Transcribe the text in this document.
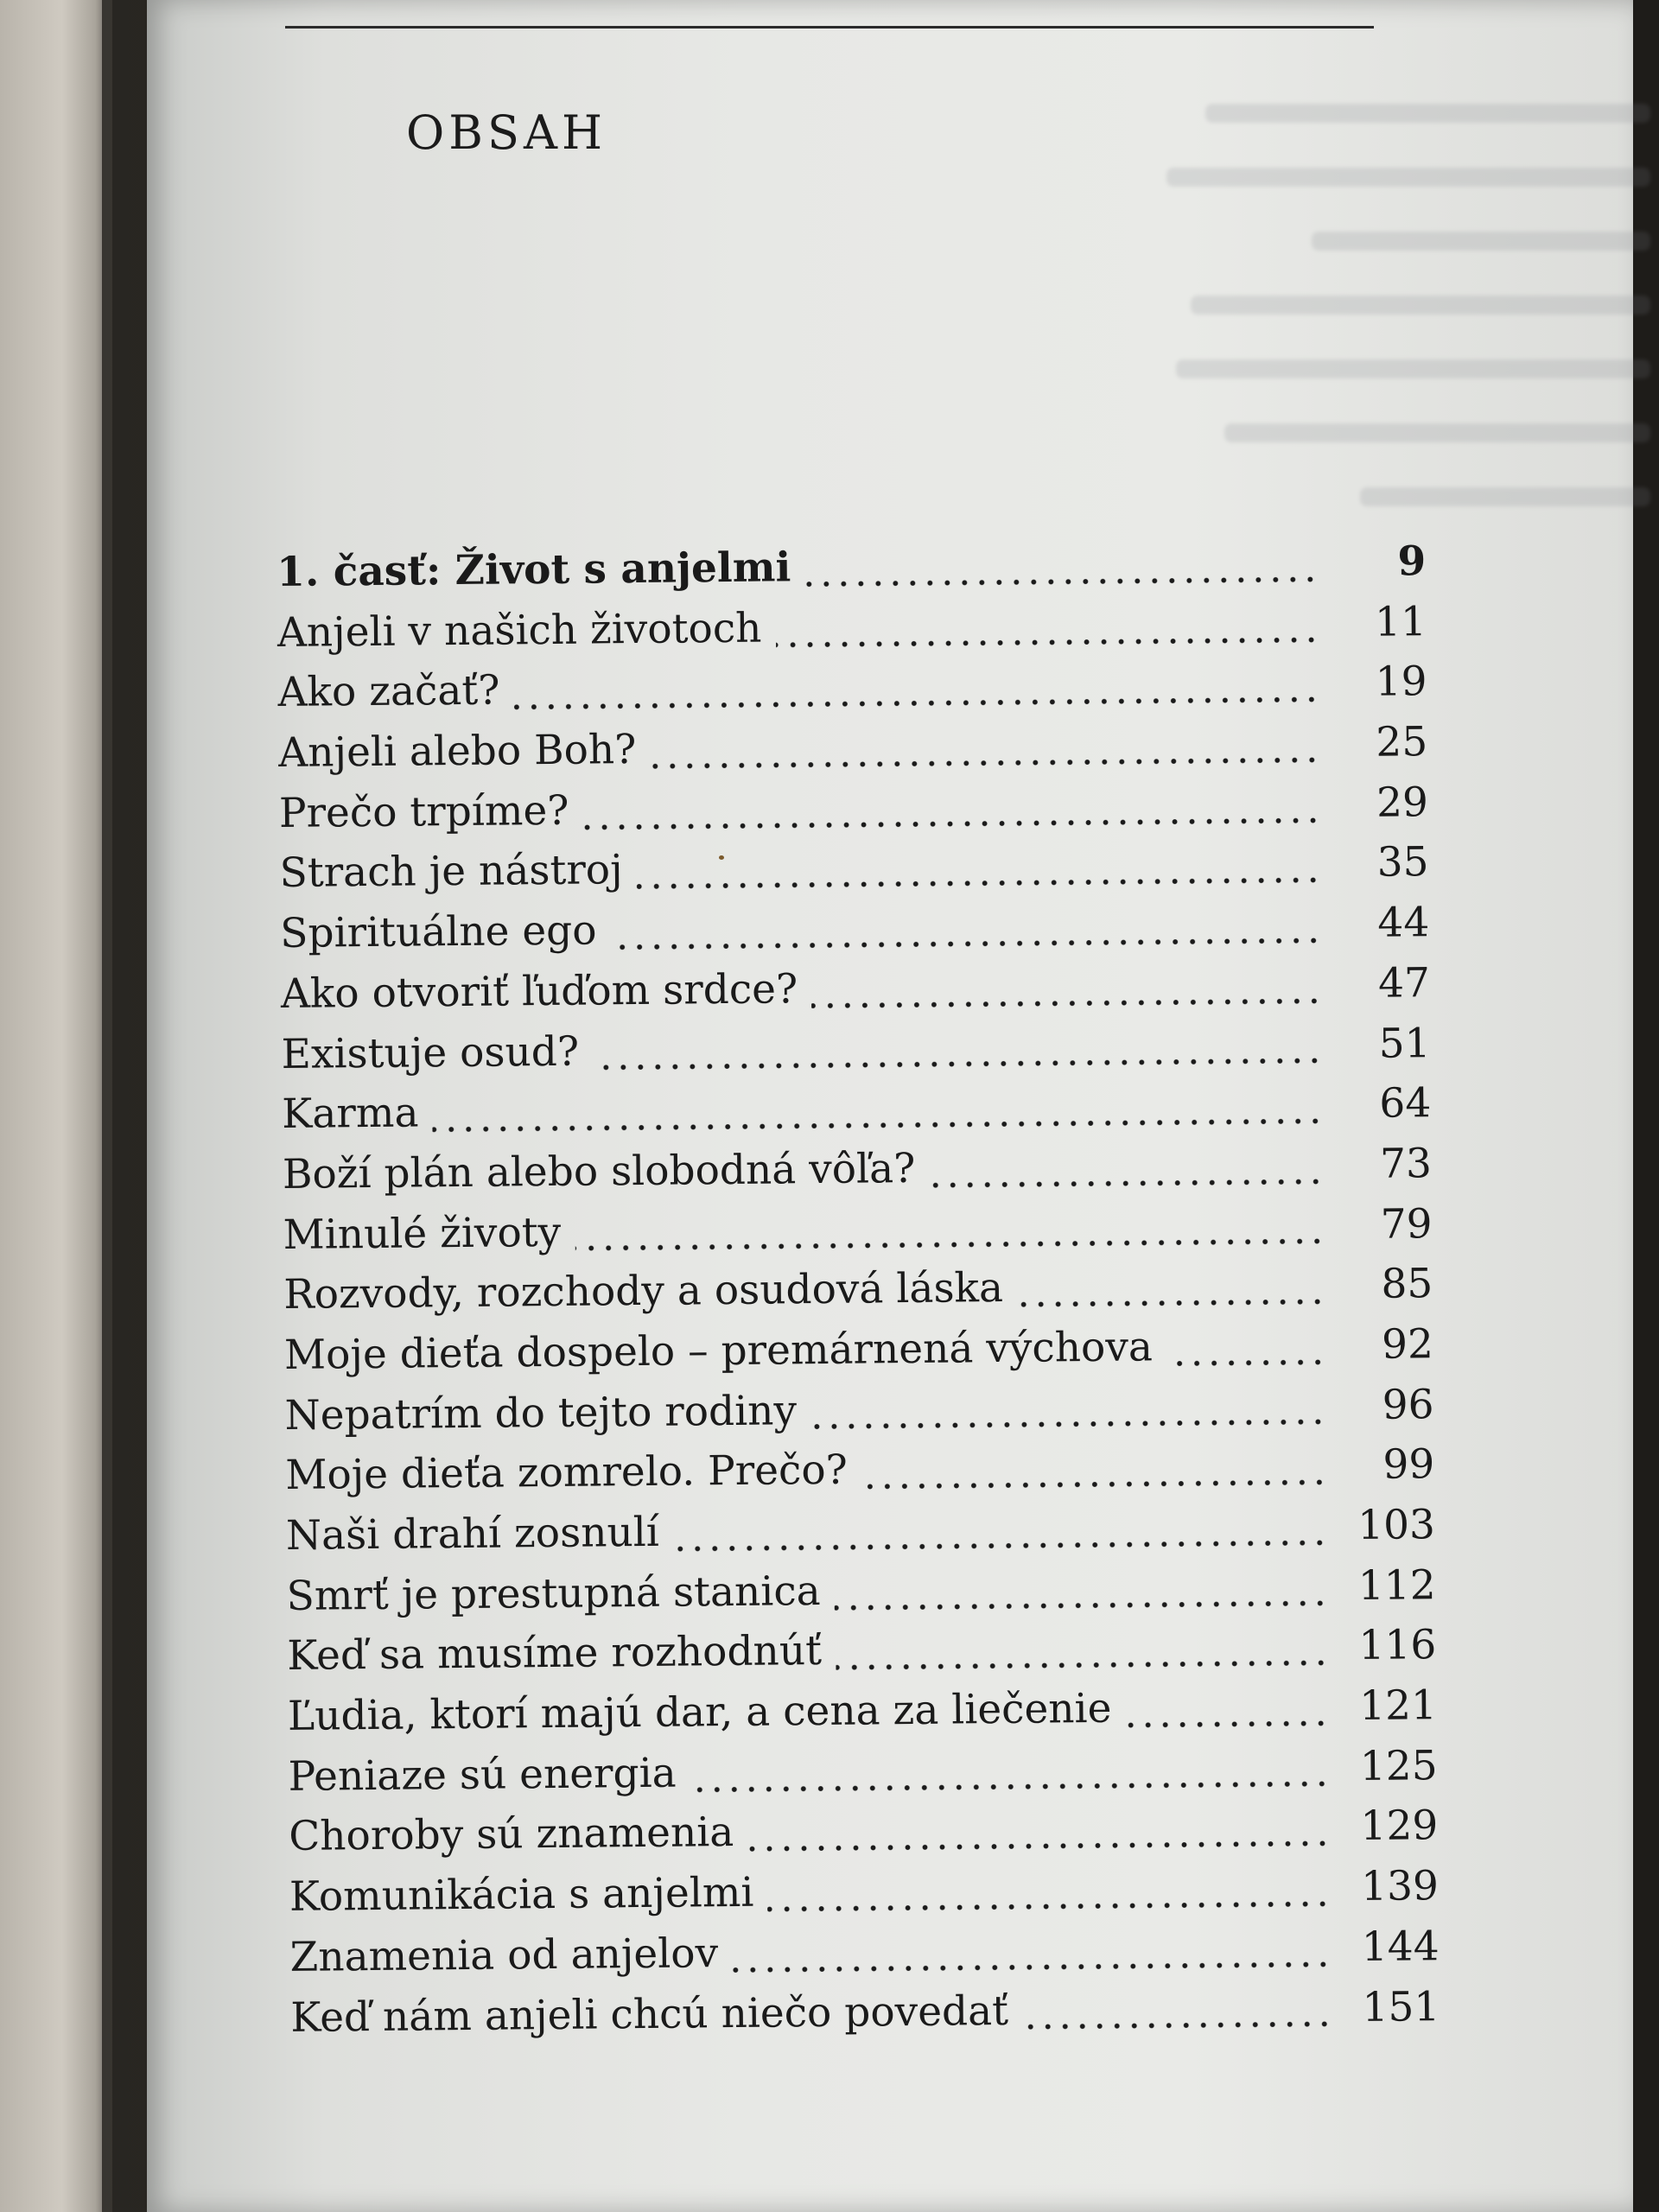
OBSAH
1. časť: Život s anjelmi	9
Anjeli v našich životoch	11
Ako začať?	19
Anjeli alebo Boh?	25
Prečo trpíme?	29
Strach je nástroj	35
Spirituálne ego	44
Ako otvoriť ľuďom srdce?	47
Existuje osud?	51
Karma	64
Boží plán alebo slobodná vôľa?	73
Minulé životy	79
Rozvody, rozchody a osudová láska	85
Moje dieťa dospelo – premárnená výchova	92
Nepatrím do tejto rodiny	96
Moje dieťa zomrelo. Prečo?	99
Naši drahí zosnulí	103
Smrť je prestupná stanica	112
Keď sa musíme rozhodnúť	116
Ľudia, ktorí majú dar, a cena za liečenie	121
Peniaze sú energia	125
Choroby sú znamenia	129
Komunikácia s anjelmi	139
Znamenia od anjelov	144
Keď nám anjeli chcú niečo povedať	151
